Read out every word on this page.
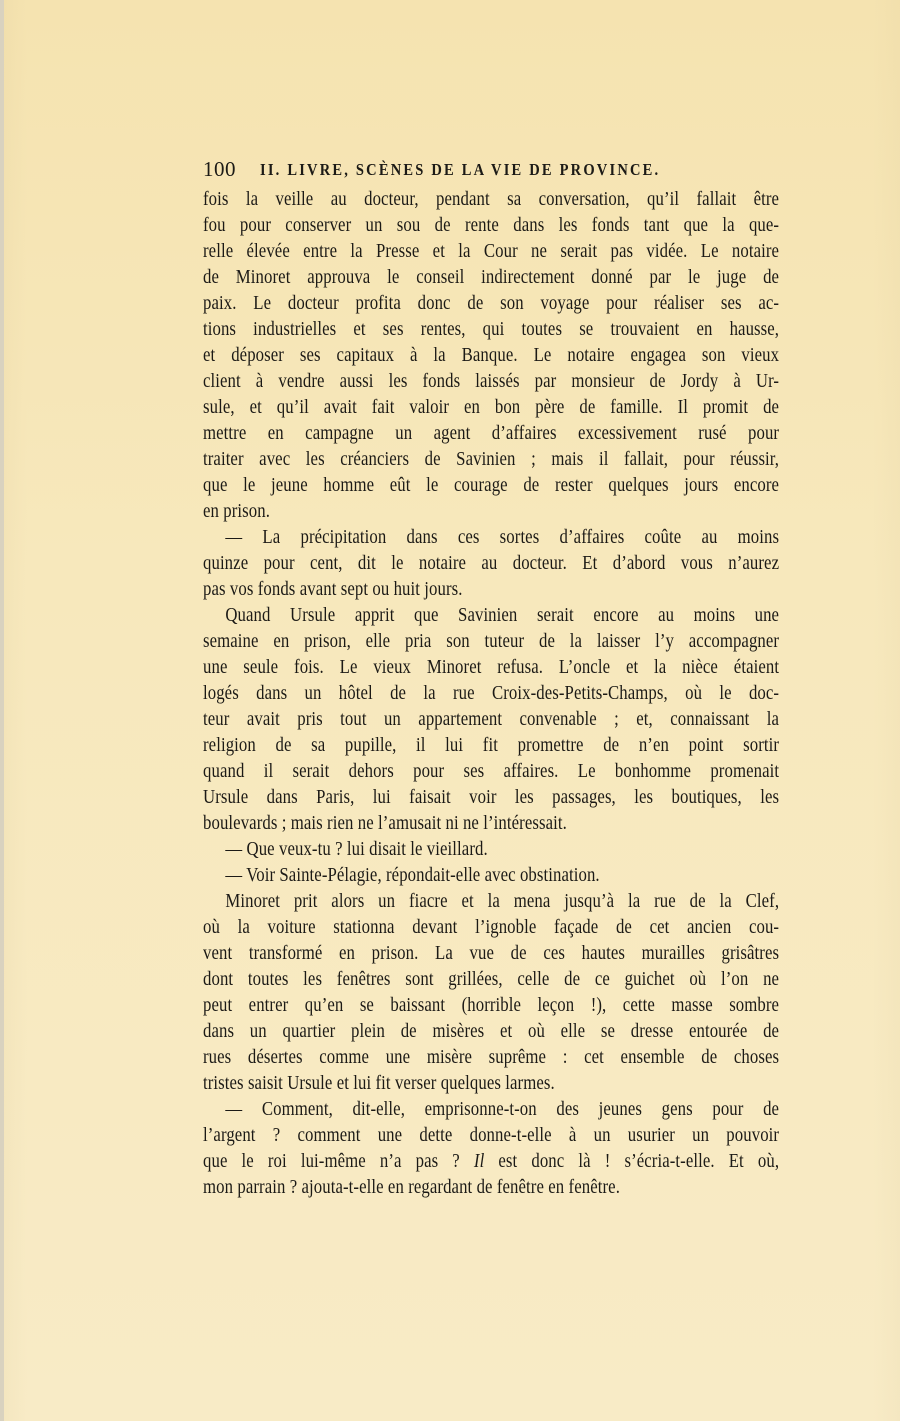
100 II. LIVRE, SCÈNES DE LA VIE DE PROVINCE.
fois la veille au docteur, pendant sa conversation, qu’il fallait être
fou pour conserver un sou de rente dans les fonds tant que la que-
relle élevée entre la Presse et la Cour ne serait pas vidée. Le notaire
de Minoret approuva le conseil indirectement donné par le juge de
paix. Le docteur profita donc de son voyage pour réaliser ses ac-
tions industrielles et ses rentes, qui toutes se trouvaient en hausse,
et déposer ses capitaux à la Banque. Le notaire engagea son vieux
client à vendre aussi les fonds laissés par monsieur de Jordy à Ur-
sule, et qu’il avait fait valoir en bon père de famille. Il promit de
mettre en campagne un agent d’affaires excessivement rusé pour
traiter avec les créanciers de Savinien ; mais il fallait, pour réussir,
que le jeune homme eût le courage de rester quelques jours encore
en prison.
— La précipitation dans ces sortes d’affaires coûte au moins
quinze pour cent, dit le notaire au docteur. Et d’abord vous n’aurez
pas vos fonds avant sept ou huit jours.
Quand Ursule apprit que Savinien serait encore au moins une
semaine en prison, elle pria son tuteur de la laisser l’y accompagner
une seule fois. Le vieux Minoret refusa. L’oncle et la nièce étaient
logés dans un hôtel de la rue Croix-des-Petits-Champs, où le doc-
teur avait pris tout un appartement convenable ; et, connaissant la
religion de sa pupille, il lui fit promettre de n’en point sortir
quand il serait dehors pour ses affaires. Le bonhomme promenait
Ursule dans Paris, lui faisait voir les passages, les boutiques, les
boulevards ; mais rien ne l’amusait ni ne l’intéressait.
— Que veux-tu ? lui disait le vieillard.
— Voir Sainte-Pélagie, répondait-elle avec obstination.
Minoret prit alors un fiacre et la mena jusqu’à la rue de la Clef,
où la voiture stationna devant l’ignoble façade de cet ancien cou-
vent transformé en prison. La vue de ces hautes murailles grisâtres
dont toutes les fenêtres sont grillées, celle de ce guichet où l’on ne
peut entrer qu’en se baissant (horrible leçon !), cette masse sombre
dans un quartier plein de misères et où elle se dresse entourée de
rues désertes comme une misère suprême : cet ensemble de choses
tristes saisit Ursule et lui fit verser quelques larmes.
— Comment, dit-elle, emprisonne-t-on des jeunes gens pour de
l’argent ? comment une dette donne-t-elle à un usurier un pouvoir
que le roi lui-même n’a pas ? Il est donc là ! s’écria-t-elle. Et où,
mon parrain ? ajouta-t-elle en regardant de fenêtre en fenêtre.
